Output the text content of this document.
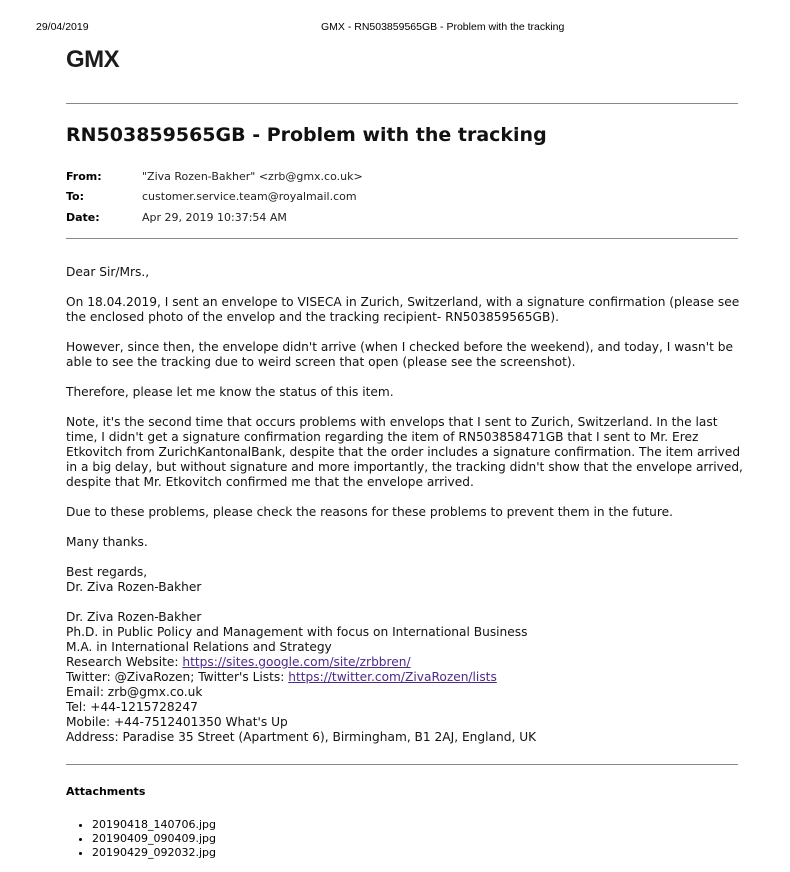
29/04/2019	GMX - RN503859565GB - Problem with the tracking
GMX
RN503859565GB - Problem with the tracking
From:	"Ziva Rozen-Bakher" <zrb@gmx.co.uk>
To:	customer.service.team@royalmail.com
Date:	Apr 29, 2019 10:37:54 AM

Dear Sir/Mrs.,

On 18.04.2019, I sent an envelope to VISECA in Zurich, Switzerland, with a signature confirmation (please see the enclosed photo of the envelop and the tracking recipient- RN503859565GB).

However, since then, the envelope didn't arrive (when I checked before the weekend), and today, I wasn't be able to see the tracking due to weird screen that open (please see the screenshot).

Therefore, please let me know the status of this item.

Note, it's the second time that occurs problems with envelops that I sent to Zurich, Switzerland. In the last time, I didn't get a signature confirmation regarding the item of RN503858471GB that I sent to Mr. Erez Etkovitch from ZurichKantonalBank, despite that the order includes a signature confirmation. The item arrived in a big delay, but without signature and more importantly, the tracking didn't show that the envelope arrived, despite that Mr. Etkovitch confirmed me that the envelope arrived.

Due to these problems, please check the reasons for these problems to prevent them in the future.

Many thanks.

Best regards,
Dr. Ziva Rozen-Bakher

Dr. Ziva Rozen-Bakher
Ph.D. in Public Policy and Management with focus on International Business
M.A. in International Relations and Strategy
Research Website: https://sites.google.com/site/zrbbren/
Twitter: @ZivaRozen; Twitter's Lists: https://twitter.com/ZivaRozen/lists
Email: zrb@gmx.co.uk
Tel: +44-1215728247
Mobile: +44-7512401350 What's Up
Address: Paradise 35 Street (Apartment 6), Birmingham, B1 2AJ, England, UK
Attachments
• 20190418_140706.jpg
• 20190409_090409.jpg
• 20190429_092032.jpg
